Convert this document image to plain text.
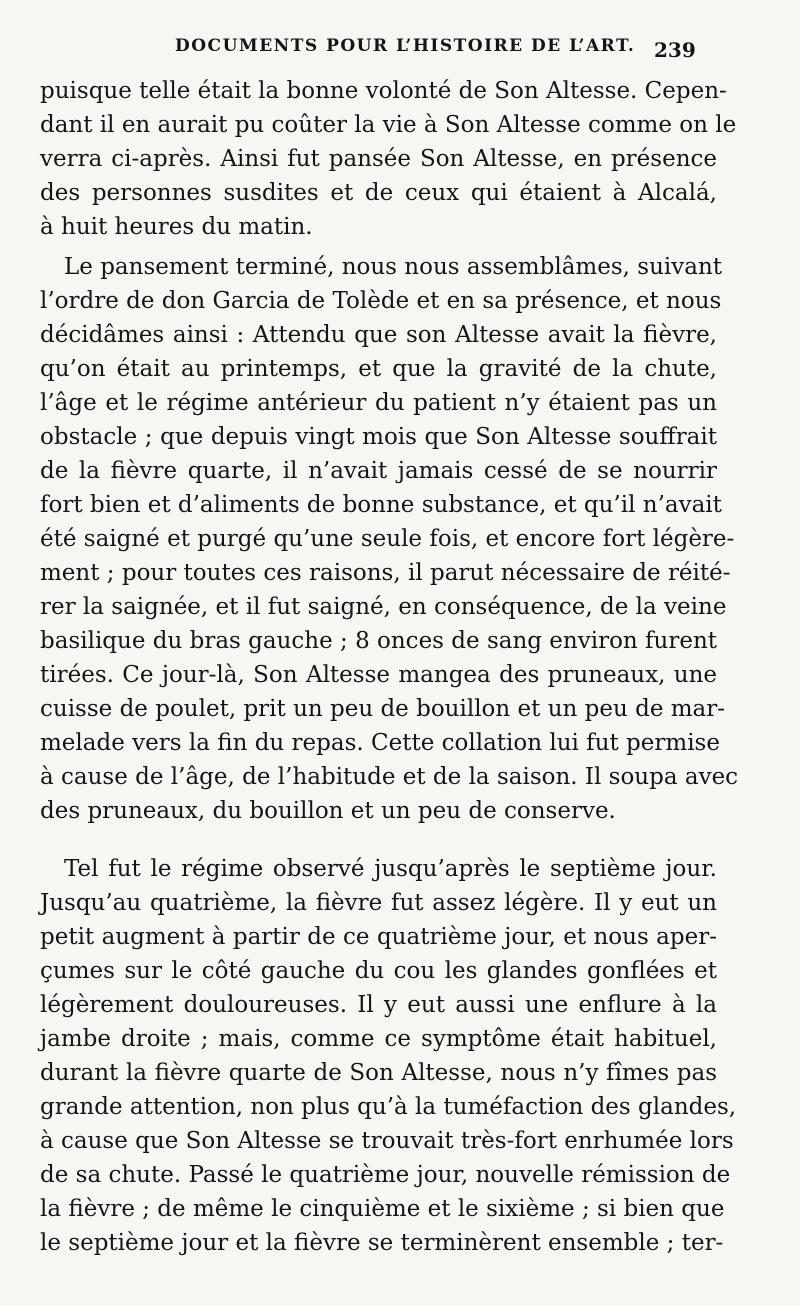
DOCUMENTS POUR L’HISTOIRE DE L’ART. 239
puisque telle était la bonne volonté de Son Altesse. Cepen-
dant il en aurait pu coûter la vie à Son Altesse comme on le
verra ci-après. Ainsi fut pansée Son Altesse, en présence
des personnes susdites et de ceux qui étaient à Alcalá,
à huit heures du matin.
Le pansement terminé, nous nous assemblâmes, suivant
l’ordre de don Garcia de Tolède et en sa présence, et nous
décidâmes ainsi : Attendu que son Altesse avait la fièvre,
qu’on était au printemps, et que la gravité de la chute,
l’âge et le régime antérieur du patient n’y étaient pas un
obstacle ; que depuis vingt mois que Son Altesse souffrait
de la fièvre quarte, il n’avait jamais cessé de se nourrir
fort bien et d’aliments de bonne substance, et qu’il n’avait
été saigné et purgé qu’une seule fois, et encore fort légère-
ment ; pour toutes ces raisons, il parut nécessaire de réité-
rer la saignée, et il fut saigné, en conséquence, de la veine
basilique du bras gauche ; 8 onces de sang environ furent
tirées. Ce jour-là, Son Altesse mangea des pruneaux, une
cuisse de poulet, prit un peu de bouillon et un peu de mar-
melade vers la fin du repas. Cette collation lui fut permise
à cause de l’âge, de l’habitude et de la saison. Il soupa avec
des pruneaux, du bouillon et un peu de conserve.
Tel fut le régime observé jusqu’après le septième jour.
Jusqu’au quatrième, la fièvre fut assez légère. Il y eut un
petit augment à partir de ce quatrième jour, et nous aper-
çumes sur le côté gauche du cou les glandes gonflées et
légèrement douloureuses. Il y eut aussi une enflure à la
jambe droite ; mais, comme ce symptôme était habituel,
durant la fièvre quarte de Son Altesse, nous n’y fîmes pas
grande attention, non plus qu’à la tuméfaction des glandes,
à cause que Son Altesse se trouvait très-fort enrhumée lors
de sa chute. Passé le quatrième jour, nouvelle rémission de
la fièvre ; de même le cinquième et le sixième ; si bien que
le septième jour et la fièvre se terminèrent ensemble ; ter-
